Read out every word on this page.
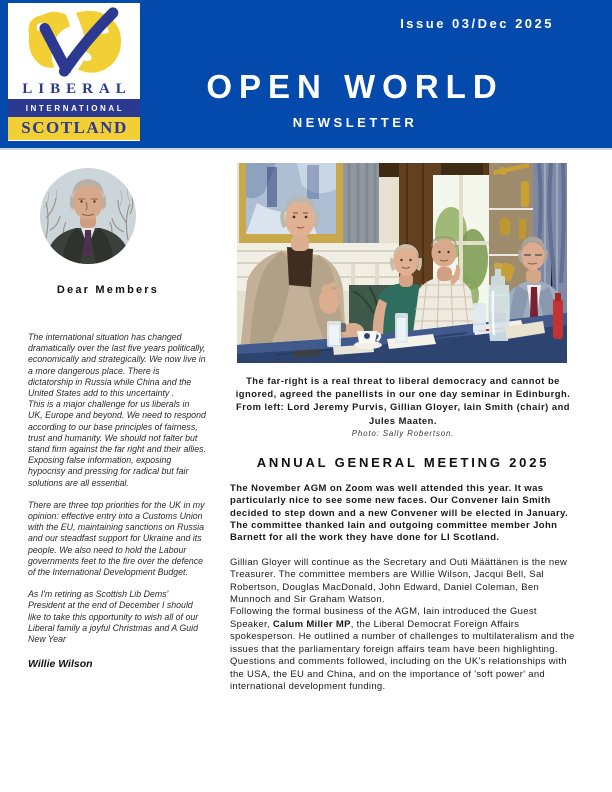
LIBERAL
INTERNATIONAL
SCOTLAND
Issue 03/Dec 2025
OPEN WORLD
NEWSLETTER
Dear Members

The international situation has changed dramatically over the last five years politically, economically and strategically. We now live in a more dangerous place. There is dictatorship in Russia while China and the United States add to this uncertainty .

This is a major challenge for us liberals in UK, Europe and beyond. We need to respond according to our base principles of fairness, trust and humanity. We should not falter but stand firm against the far right and their allies. Exposing false information, exposing hypocrisy and pressing for radical but fair solutions are all essential.

There are three top priorities for the UK in my opinion: effective entry into a Customs Union with the EU, maintaining sanctions on Russia and our steadfast support for Ukraine and its people. We also need to hold the Labour governments feet to the fire over the defence of the International Development Budget.

As I'm retiring as Scottish Lib Dems' President at the end of December I should like to take this opportunity to wish all of our Liberal family a joyful Christmas and A Guid New Year

Willie Wilson
The far-right is a real threat to liberal democracy and cannot be ignored, agreed the panellists in our one day seminar in Edinburgh. From left: Lord Jeremy Purvis, Gillian Gloyer, Iain Smith (chair) and Jules Maaten.
Photo: Sally Robertson.
ANNUAL GENERAL MEETING 2025

The November AGM on Zoom was well attended this year. It was particularly nice to see some new faces. Our Convener Iain Smith decided to step down and a new Convener will be elected in January. The committee thanked Iain and outgoing committee member John Barnett for all the work they have done for LI Scotland.

Gillian Gloyer will continue as the Secretary and Outi Määttänen is the new Treasurer. The committee members are Willie Wilson, Jacqui Bell, Sal Robertson, Douglas MacDonald, John Edward, Daniel Coleman, Ben Munnoch and Sir Graham Watson.

Following the formal business of the AGM, Iain introduced the Guest Speaker, Calum Miller MP, the Liberal Democrat Foreign Affairs spokesperson. He outlined a number of challenges to multilateralism and the issues that the parliamentary foreign affairs team have been highlighting. Questions and comments followed, including on the UK's relationships with the USA, the EU and China, and on the importance of 'soft power' and international development funding.
